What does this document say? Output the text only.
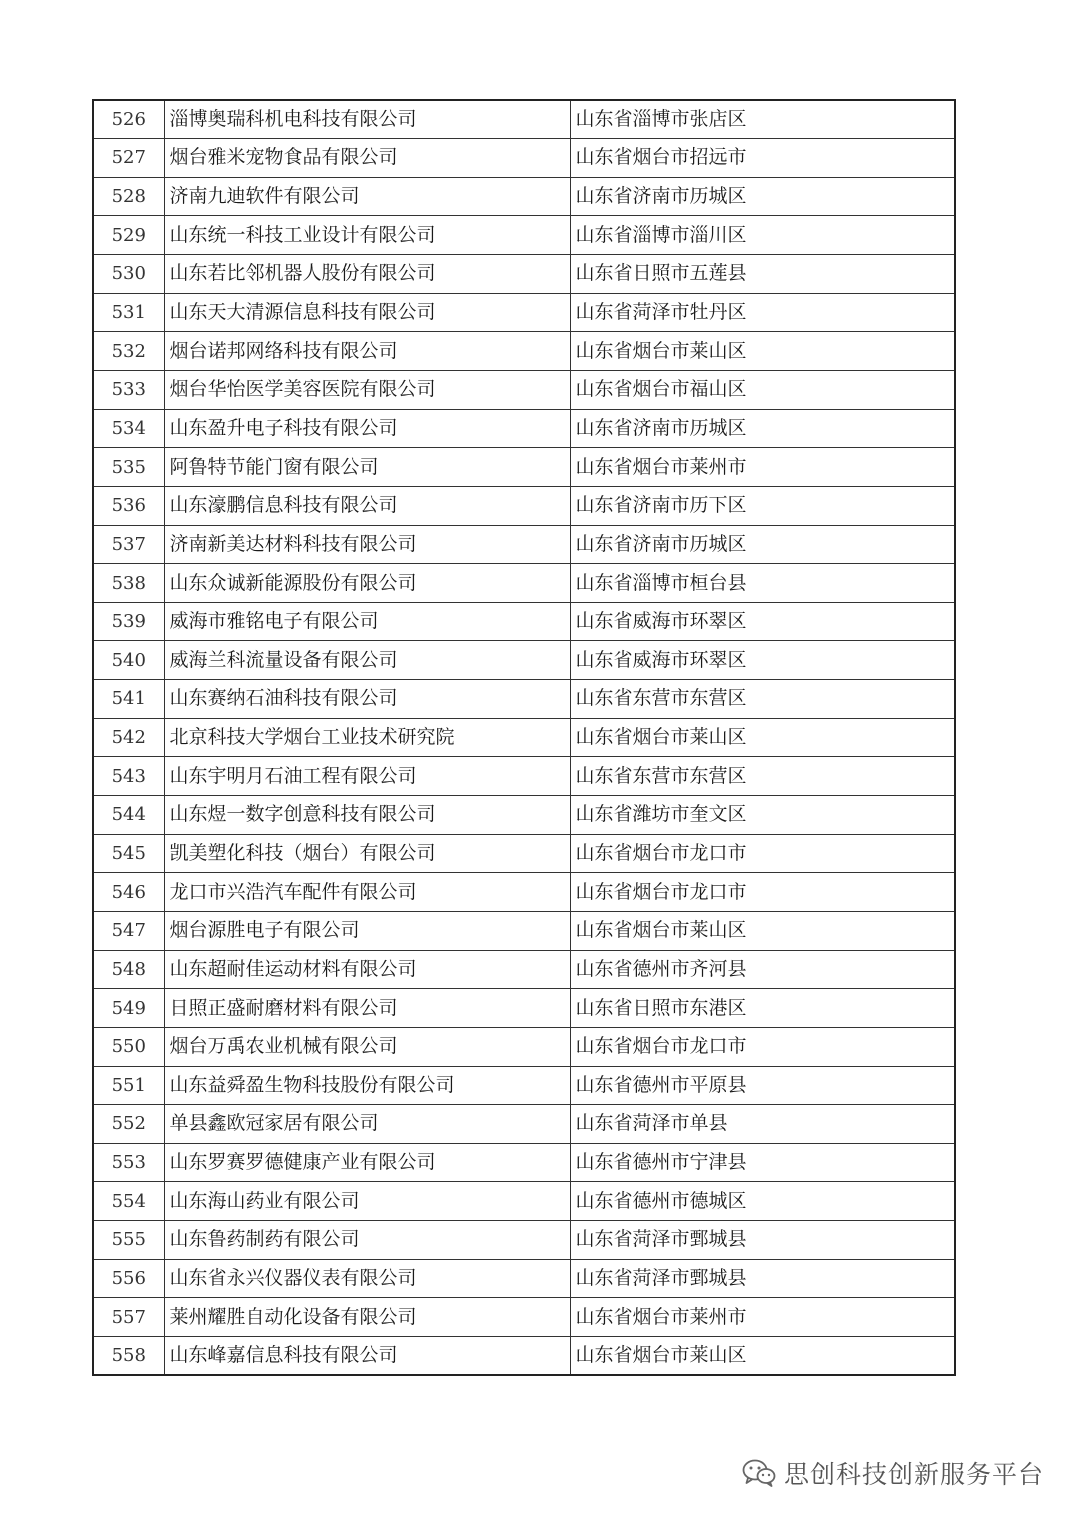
526	淄博奥瑞科机电科技有限公司	山东省淄博市张店区
527	烟台雅米宠物食品有限公司	山东省烟台市招远市
528	济南九迪软件有限公司	山东省济南市历城区
529	山东统一科技工业设计有限公司	山东省淄博市淄川区
530	山东若比邻机器人股份有限公司	山东省日照市五莲县
531	山东天大清源信息科技有限公司	山东省菏泽市牡丹区
532	烟台诺邦网络科技有限公司	山东省烟台市莱山区
533	烟台华怡医学美容医院有限公司	山东省烟台市福山区
534	山东盈升电子科技有限公司	山东省济南市历城区
535	阿鲁特节能门窗有限公司	山东省烟台市莱州市
536	山东濠鹏信息科技有限公司	山东省济南市历下区
537	济南新美达材料科技有限公司	山东省济南市历城区
538	山东众诚新能源股份有限公司	山东省淄博市桓台县
539	威海市雅铭电子有限公司	山东省威海市环翠区
540	威海兰科流量设备有限公司	山东省威海市环翠区
541	山东赛纳石油科技有限公司	山东省东营市东营区
542	北京科技大学烟台工业技术研究院	山东省烟台市莱山区
543	山东宇明月石油工程有限公司	山东省东营市东营区
544	山东煜一数字创意科技有限公司	山东省潍坊市奎文区
545	凯美塑化科技（烟台）有限公司	山东省烟台市龙口市
546	龙口市兴浩汽车配件有限公司	山东省烟台市龙口市
547	烟台源胜电子有限公司	山东省烟台市莱山区
548	山东超耐佳运动材料有限公司	山东省德州市齐河县
549	日照正盛耐磨材料有限公司	山东省日照市东港区
550	烟台万禹农业机械有限公司	山东省烟台市龙口市
551	山东益舜盈生物科技股份有限公司	山东省德州市平原县
552	单县鑫欧冠家居有限公司	山东省菏泽市单县
553	山东罗赛罗德健康产业有限公司	山东省德州市宁津县
554	山东海山药业有限公司	山东省德州市德城区
555	山东鲁药制药有限公司	山东省菏泽市鄄城县
556	山东省永兴仪器仪表有限公司	山东省菏泽市鄄城县
557	莱州耀胜自动化设备有限公司	山东省烟台市莱州市
558	山东峰嘉信息科技有限公司	山东省烟台市莱山区
思创科技创新服务平台
